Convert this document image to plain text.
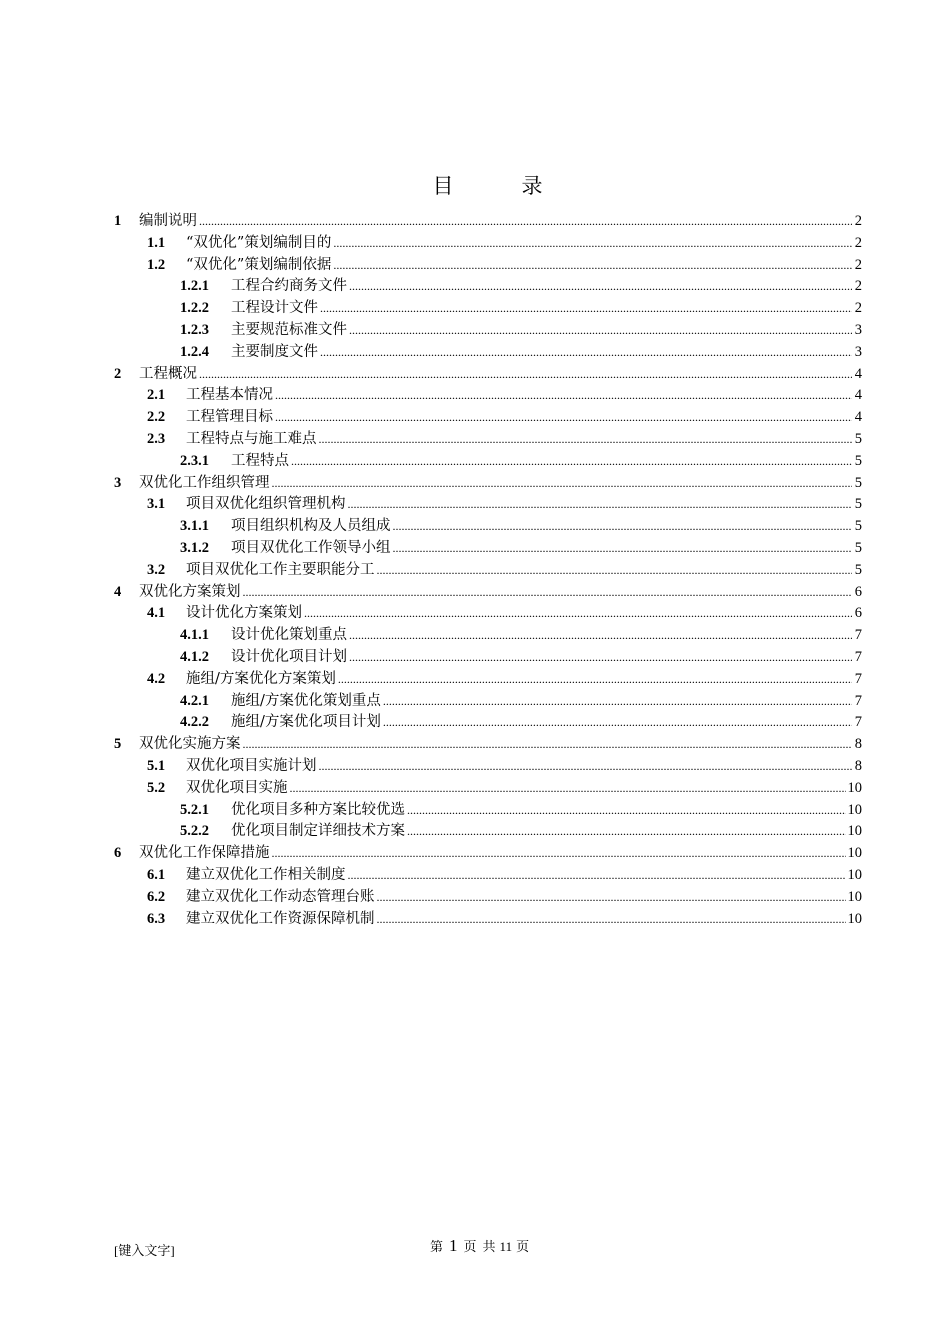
目	录
1	编制说明 .....	2
1.1	“双优化”策划编制目的 .....	2
1.2	“双优化”策划编制依据 .....	2
1.2.1	工程合约商务文件 .....	2
1.2.2	工程设计文件 .....	2
1.2.3	主要规范标准文件 .....	3
1.2.4	主要制度文件 .....	3
2	工程概况 .....	4
2.1	工程基本情况 .....	4
2.2	工程管理目标 .....	4
2.3	工程特点与施工难点 .....	5
2.3.1	工程特点 .....	5
3	双优化工作组织管理 .....	5
3.1	项目双优化组织管理机构 .....	5
3.1.1	项目组织机构及人员组成 .....	5
3.1.2	项目双优化工作领导小组 .....	5
3.2	项目双优化工作主要职能分工 .....	5
4	双优化方案策划 .....	6
4.1	设计优化方案策划 .....	6
4.1.1	设计优化策划重点 .....	7
4.1.2	设计优化项目计划 .....	7
4.2	施组/方案优化方案策划 .....	7
4.2.1	施组/方案优化策划重点 .....	7
4.2.2	施组/方案优化项目计划 .....	7
5	双优化实施方案 .....	8
5.1	双优化项目实施计划 .....	8
5.2	双优化项目实施 .....	10
5.2.1	优化项目多种方案比较优选 .....	10
5.2.2	优化项目制定详细技术方案 .....	10
6	双优化工作保障措施 .....	10
6.1	建立双优化工作相关制度 .....	10
6.2	建立双优化工作动态管理台账 .....	10
6.3	建立双优化工作资源保障机制 .....	10
[键入文字]	第 1 页 共 11 页
